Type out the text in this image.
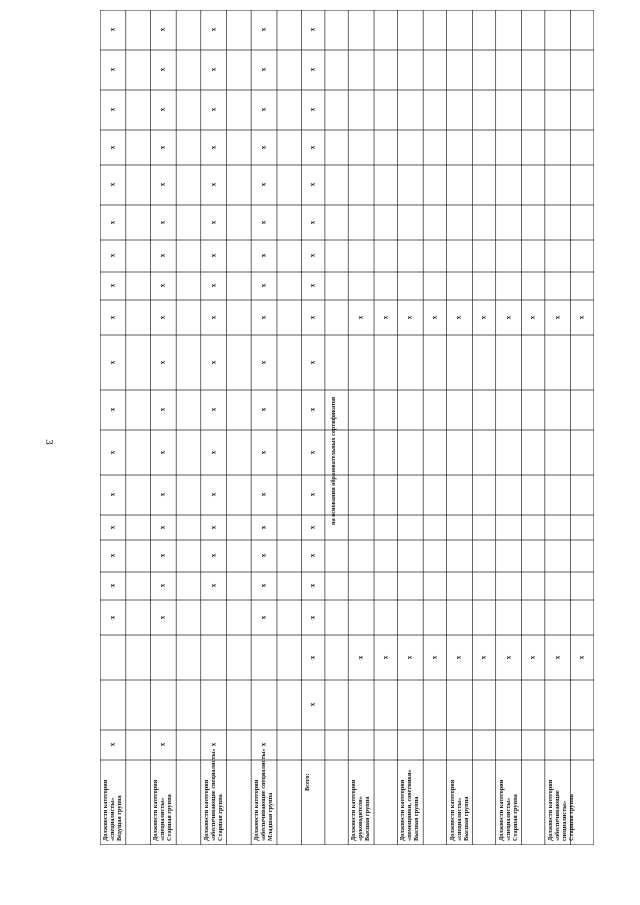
3
Должности категории «специалисты» Ведущая группа
х
х
х
х
х
х
х
х
х
х
х
х
х
х
х
х
х
х
Должности категории «специалисты» Старшая группа
х
х
х
х
х
х
х
х
х
х
х
х
х
х
х
х
х
х
Должности категории «обеспечивающие специалисты» Старшая группа
х
х
х
х
х
х
х
х
х
х
х
х
х
х
х
х
х
Должности категории «обеспечивающие специалисты» Младшая группа
х
х
х
х
х
х
х
х
х
х
х
х
х
х
х
х
х
х
Всего:
х
х
х
х
х
х
х
х
х
х
х
х
х
х
х
х
х
х
х
на основании образовательных сертификатов
Должности категории «руководители» Высшая группа
х
х
х
х
Должности категории «помощники, советники» Высшая группа
х
х
х
х
Должности категории «специалисты» Высшая группа
х
х
х
х
Должности категории «специалисты» Старшая группа
х
х
х
х
Должности категории «обеспечивающие специалисты» Старшая группа
х
х
х
х
